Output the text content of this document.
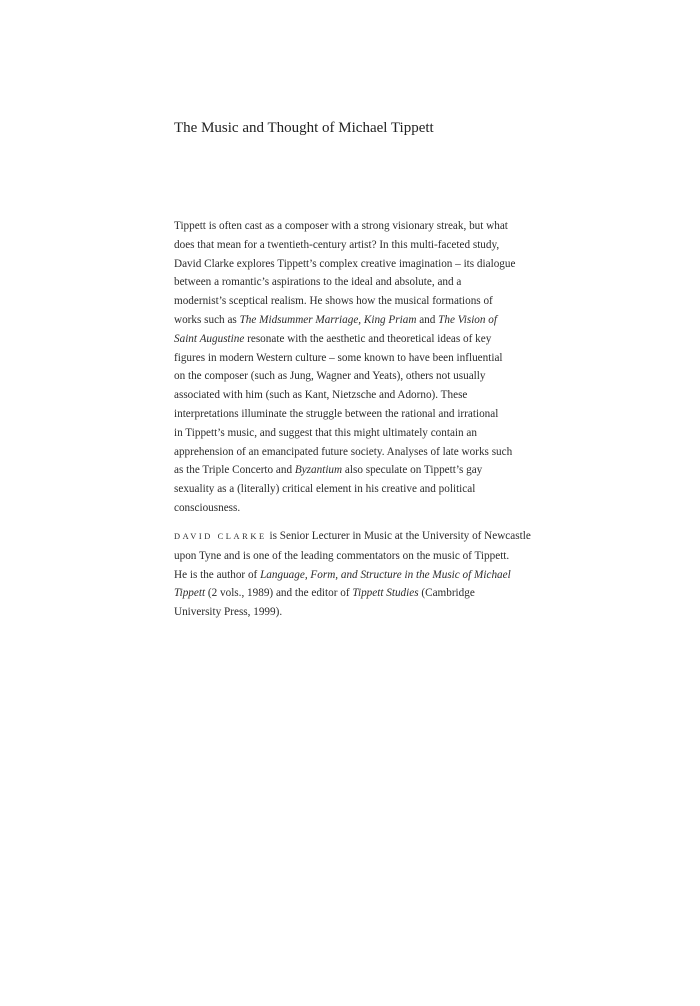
The Music and Thought of Michael Tippett
Tippett is often cast as a composer with a strong visionary streak, but what
does that mean for a twentieth-century artist? In this multi-faceted study,
David Clarke explores Tippett’s complex creative imagination – its dialogue
between a romantic’s aspirations to the ideal and absolute, and a
modernist’s sceptical realism. He shows how the musical formations of
works such as The Midsummer Marriage, King Priam and The Vision of
Saint Augustine resonate with the aesthetic and theoretical ideas of key
figures in modern Western culture – some known to have been influential
on the composer (such as Jung, Wagner and Yeats), others not usually
associated with him (such as Kant, Nietzsche and Adorno). These
interpretations illuminate the struggle between the rational and irrational
in Tippett’s music, and suggest that this might ultimately contain an
apprehension of an emancipated future society. Analyses of late works such
as the Triple Concerto and Byzantium also speculate on Tippett’s gay
sexuality as a (literally) critical element in his creative and political
consciousness.
DAVID CLARKE is Senior Lecturer in Music at the University of Newcastle
upon Tyne and is one of the leading commentators on the music of Tippett.
He is the author of Language, Form, and Structure in the Music of Michael
Tippett (2 vols., 1989) and the editor of Tippett Studies (Cambridge
University Press, 1999).
